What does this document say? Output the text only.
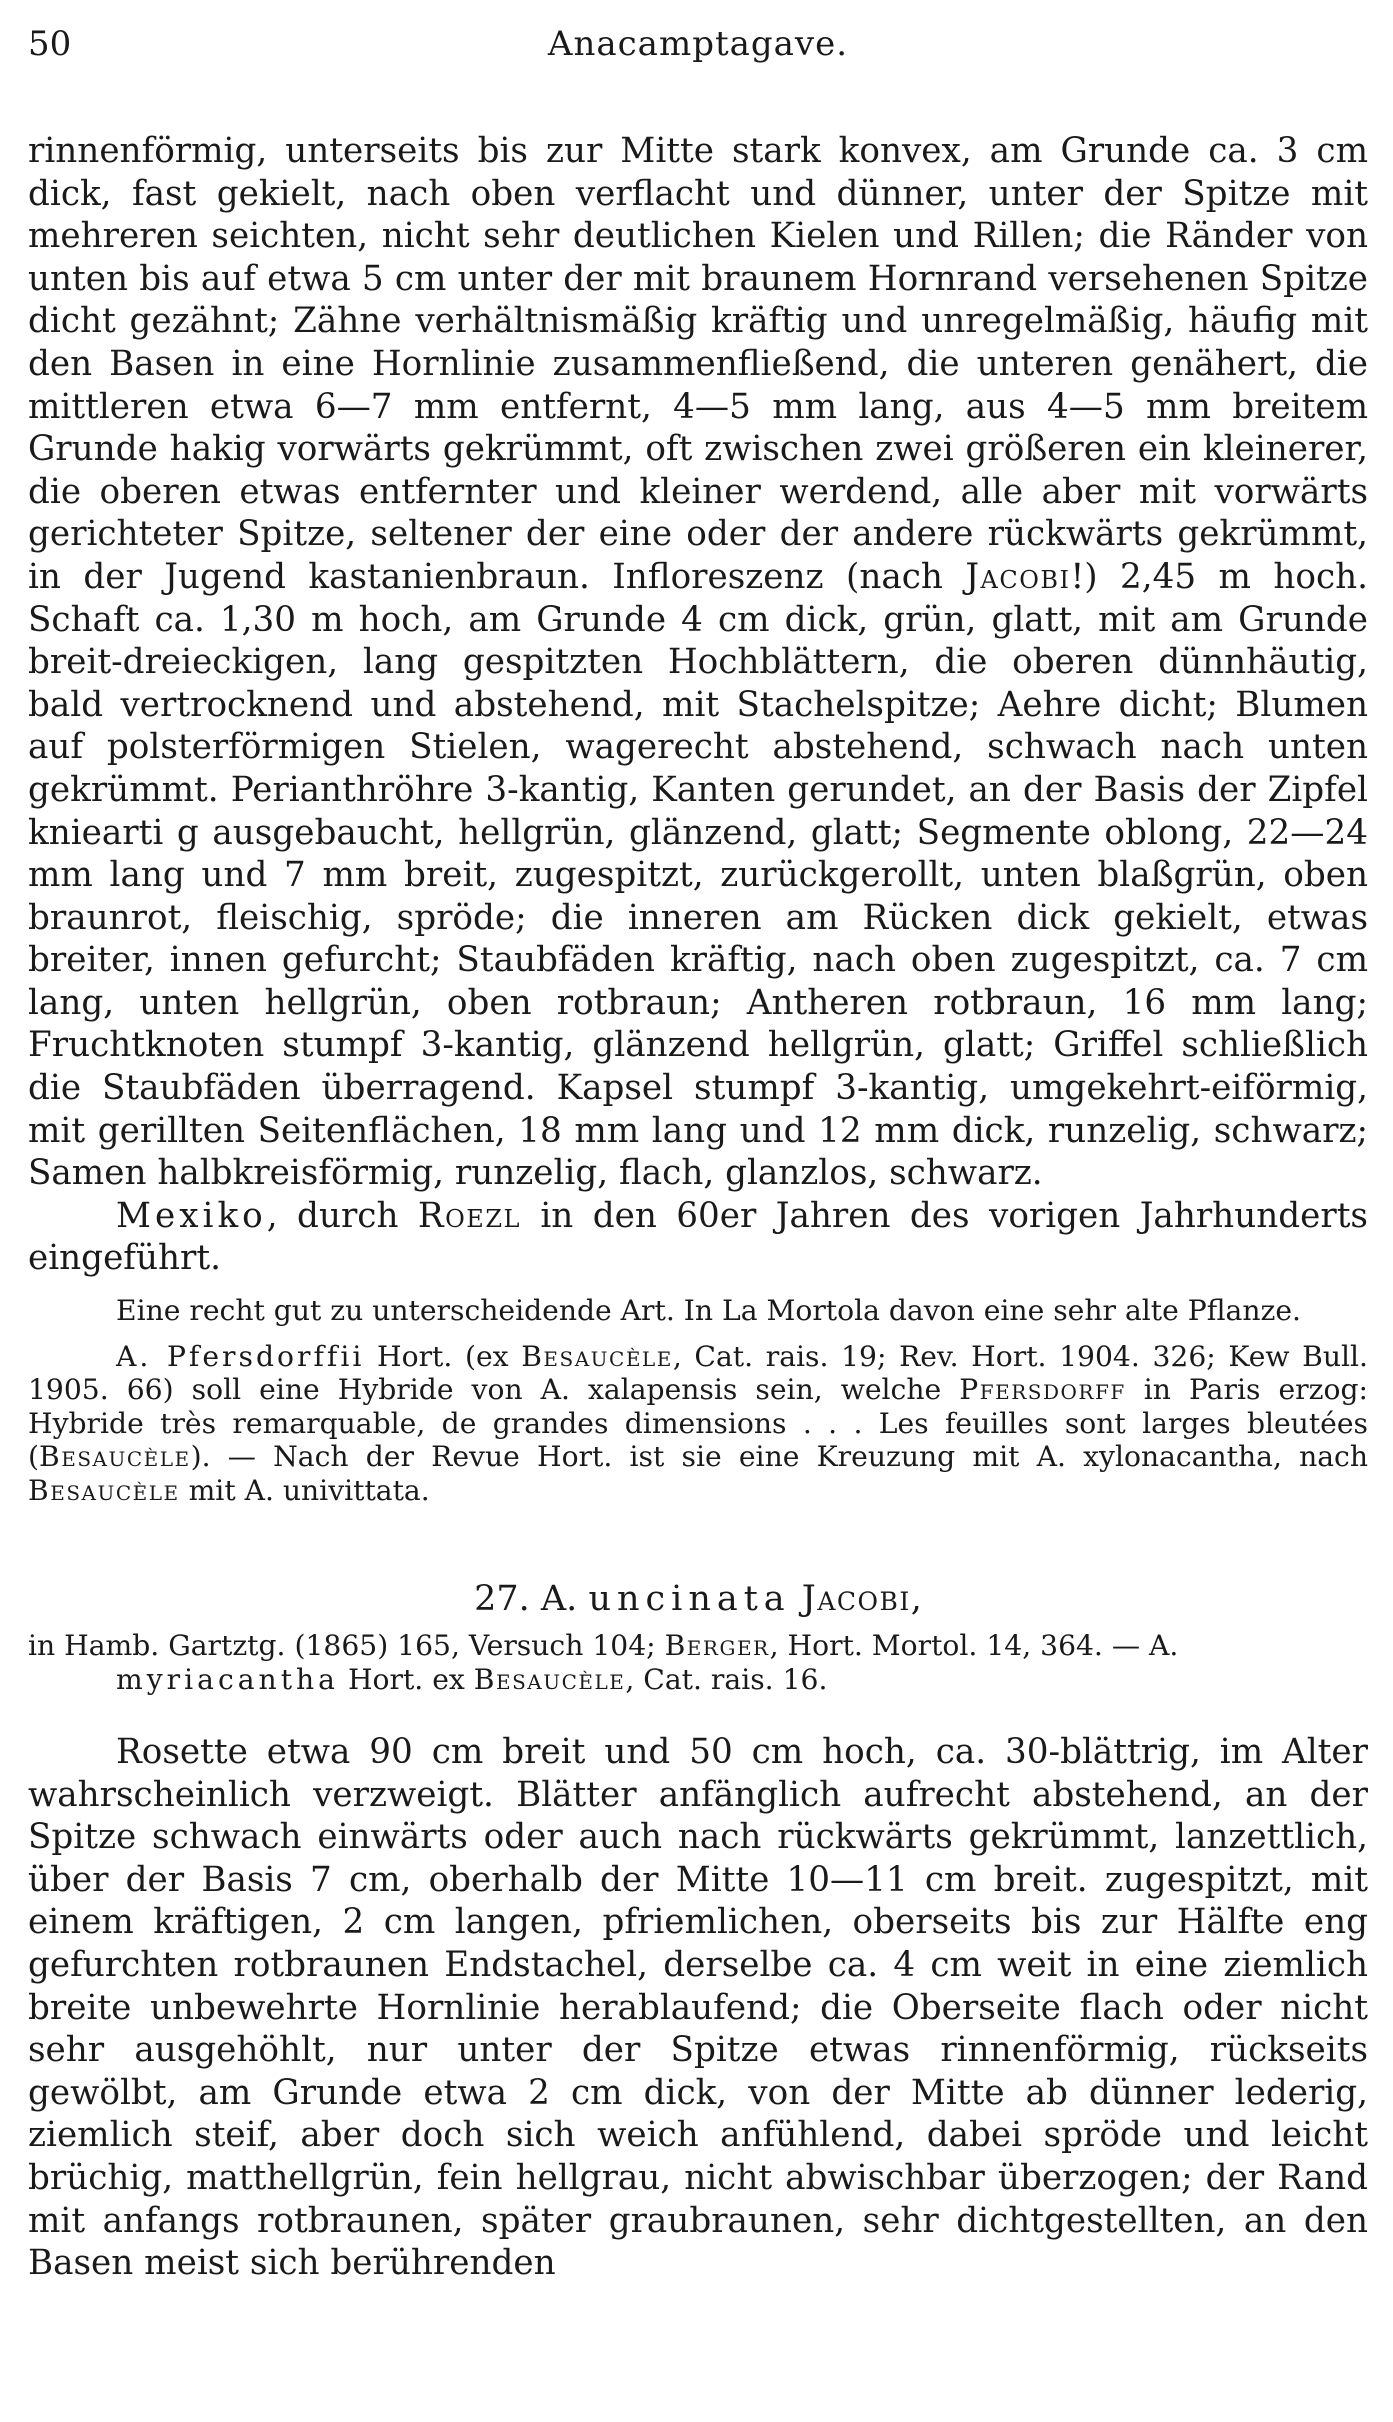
50	Anacamptagave.

rinnenförmig, unterseits bis zur Mitte stark konvex, am Grunde ca. 3 cm dick, fast gekielt, nach oben verflacht und dünner, unter der Spitze mit mehreren seichten, nicht sehr deutlichen Kielen und Rillen; die Ränder von unten bis auf etwa 5 cm unter der mit braunem Hornrand versehenen Spitze dicht gezähnt; Zähne verhältnismäßig kräftig und unregelmäßig, häufig mit den Basen in eine Hornlinie zusammenfließend, die unteren genähert, die mittleren etwa 6—7 mm entfernt, 4—5 mm lang, aus 4—5 mm breitem Grunde hakig vorwärts gekrümmt, oft zwischen zwei größeren ein kleinerer, die oberen etwas entfernter und kleiner werdend, alle aber mit vorwärts gerichteter Spitze, seltener der eine oder der andere rückwärts gekrümmt, in der Jugend kastanienbraun. Infloreszenz (nach Jacobi!) 2,45 m hoch. Schaft ca. 1,30 m hoch, am Grunde 4 cm dick, grün, glatt, mit am Grunde breit-dreieckigen, lang gespitzten Hochblättern, die oberen dünnhäutig, bald vertrocknend und abstehend, mit Stachelspitze; Aehre dicht; Blumen auf polsterförmigen Stielen, wagerecht abstehend, schwach nach unten gekrümmt. Perianthröhre 3-kantig, Kanten gerundet, an der Basis der Zipfel kniearti g ausgebaucht, hellgrün, glänzend, glatt; Segmente oblong, 22—24 mm lang und 7 mm breit, zugespitzt, zurückgerollt, unten blaßgrün, oben braunrot, fleischig, spröde; die inneren am Rücken dick gekielt, etwas breiter, innen gefurcht; Staubfäden kräftig, nach oben zugespitzt, ca. 7 cm lang, unten hellgrün, oben rotbraun; Antheren rotbraun, 16 mm lang; Fruchtknoten stumpf 3-kantig, glänzend hellgrün, glatt; Griffel schließlich die Staubfäden überragend. Kapsel stumpf 3-kantig, umgekehrt-eiförmig, mit gerillten Seitenflächen, 18 mm lang und 12 mm dick, runzelig, schwarz; Samen halbkreisförmig, runzelig, flach, glanzlos, schwarz.

Mexiko, durch Roezl in den 60er Jahren des vorigen Jahrhunderts eingeführt.

Eine recht gut zu unterscheidende Art. In La Mortola davon eine sehr alte Pflanze.

A. Pfersdorffii Hort. (ex Besaucèle, Cat. rais. 19; Rev. Hort. 1904. 326; Kew Bull. 1905. 66) soll eine Hybride von A. xalapensis sein, welche Pfersdorff in Paris erzog: Hybride très remarquable, de grandes dimensions . . . Les feuilles sont larges bleutées (Besaucèle). — Nach der Revue Hort. ist sie eine Kreuzung mit A. xylonacantha, nach Besaucèle mit A. univittata.

27. A. uncinata Jacobi,
in Hamb. Gartztg. (1865) 165, Versuch 104; Berger, Hort. Mortol. 14, 364. — A.
myriacantha Hort. ex Besaucèle, Cat. rais. 16.

Rosette etwa 90 cm breit und 50 cm hoch, ca. 30-blättrig, im Alter wahrscheinlich verzweigt. Blätter anfänglich aufrecht abstehend, an der Spitze schwach einwärts oder auch nach rückwärts gekrümmt, lanzettlich, über der Basis 7 cm, oberhalb der Mitte 10—11 cm breit. zugespitzt, mit einem kräftigen, 2 cm langen, pfriemlichen, oberseits bis zur Hälfte eng gefurchten rotbraunen Endstachel, derselbe ca. 4 cm weit in eine ziemlich breite unbewehrte Hornlinie herablaufend; die Oberseite flach oder nicht sehr ausgehöhlt, nur unter der Spitze etwas rinnenförmig, rückseits gewölbt, am Grunde etwa 2 cm dick, von der Mitte ab dünner lederig, ziemlich steif, aber doch sich weich anfühlend, dabei spröde und leicht brüchig, matthellgrün, fein hellgrau, nicht abwischbar überzogen; der Rand mit anfangs rotbraunen, später graubraunen, sehr dichtgestellten, an den Basen meist sich berührenden
